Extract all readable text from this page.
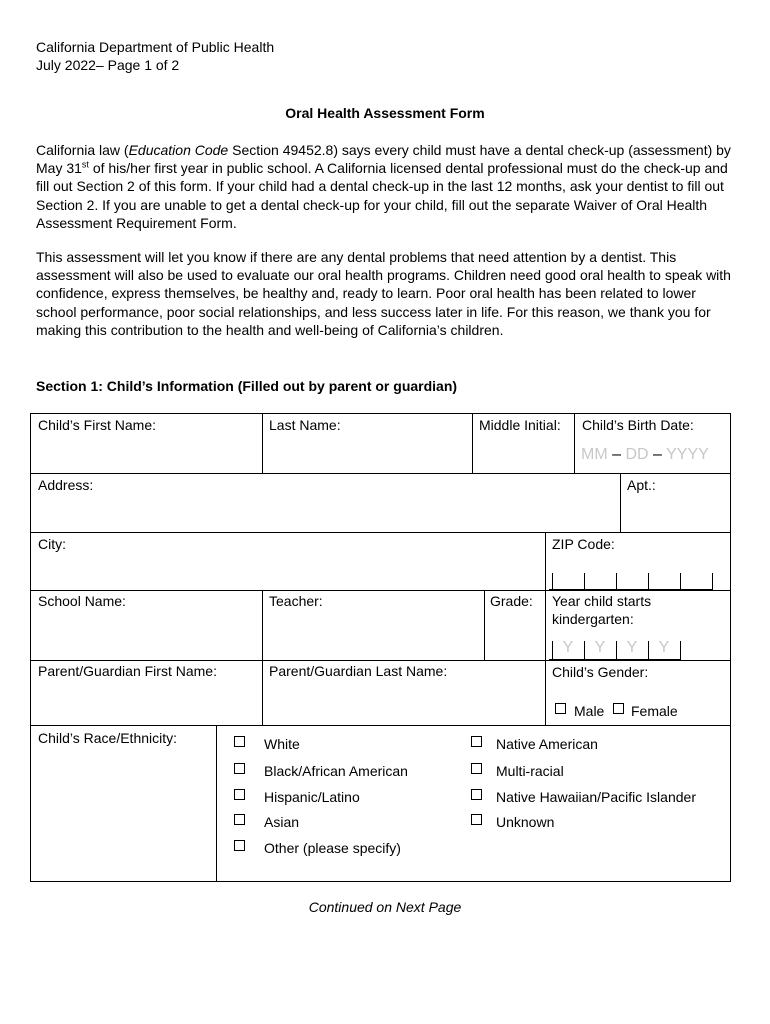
California Department of Public Health
July 2022– Page 1 of 2
Oral Health Assessment Form

California law (Education Code Section 49452.8) says every child must have a dental check-up (assessment) by May 31st of his/her first year in public school. A California licensed dental professional must do the check-up and fill out Section 2 of this form. If your child had a dental check-up in the last 12 months, ask your dentist to fill out Section 2. If you are unable to get a dental check-up for your child, fill out the separate Waiver of Oral Health Assessment Requirement Form.

This assessment will let you know if there are any dental problems that need attention by a dentist. This assessment will also be used to evaluate our oral health programs. Children need good oral health to speak with confidence, express themselves, be healthy and, ready to learn. Poor oral health has been related to lower school performance, poor social relationships, and less success later in life. For this reason, we thank you for making this contribution to the health and well-being of California’s children.

Section 1: Child’s Information (Filled out by parent or guardian)
Child’s First Name:	Last Name:	Middle Initial: Child’s Birth Date:
MM – DD – YYYY
Address:	Apt.:
City:	ZIP Code:
School Name:	Teacher:	Grade: Year child starts
kindergarten:
Y	Y	Y	Y
Parent/Guardian First Name:	Parent/Guardian Last Name:	Child’s Gender:
Male Female
Child’s Race/Ethnicity:	White
Black/African American
Hispanic/Latino
Asian
Other (please specify)
Native American
Multi-racial
Native Hawaiian/Pacific Islander
Unknown
Continued on Next Page
